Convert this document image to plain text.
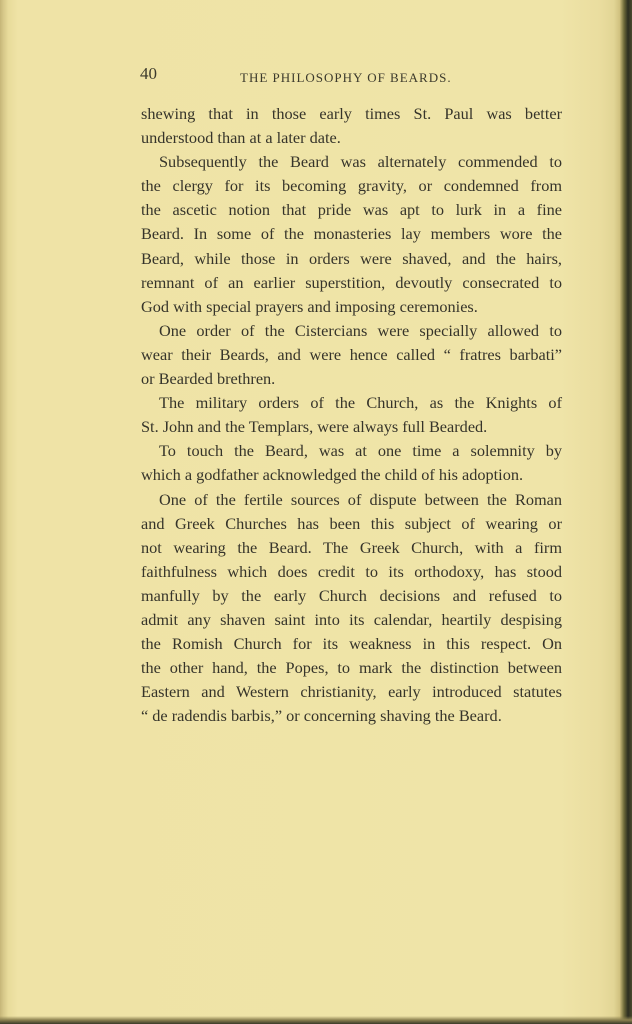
40	THE PHILOSOPHY OF BEARDS.
shewing that in those early times St. Paul was better
understood than at a later date.
Subsequently the Beard was alternately commended to
the clergy for its becoming gravity, or condemned from
the ascetic notion that pride was apt to lurk in a fine
Beard. In some of the monasteries lay members wore the
Beard, while those in orders were shaved, and the hairs,
remnant of an earlier superstition, devoutly consecrated to
God with special prayers and imposing ceremonies.
One order of the Cistercians were specially allowed to
wear their Beards, and were hence called “ fratres barbati”
or Bearded brethren.
The military orders of the Church, as the Knights of
St. John and the Templars, were always full Bearded.
To touch the Beard, was at one time a solemnity by
which a godfather acknowledged the child of his adoption.
One of the fertile sources of dispute between the Roman
and Greek Churches has been this subject of wearing or
not wearing the Beard. The Greek Church, with a firm
faithfulness which does credit to its orthodoxy, has stood
manfully by the early Church decisions and refused to
admit any shaven saint into its calendar, heartily despising
the Romish Church for its weakness in this respect. On
the other hand, the Popes, to mark the distinction between
Eastern and Western christianity, early introduced statutes
“ de radendis barbis,” or concerning shaving the Beard.
